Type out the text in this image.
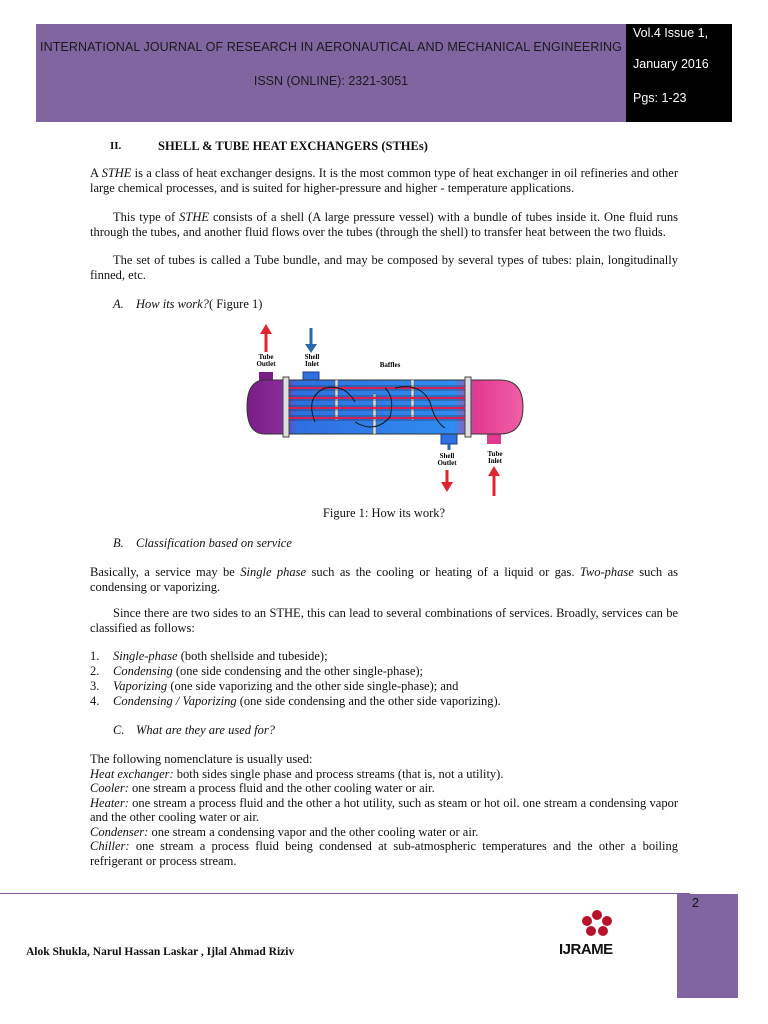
INTERNATIONAL JOURNAL OF RESEARCH IN AERONAUTICAL AND MECHANICAL ENGINEERING
ISSN (ONLINE): 2321-3051
Vol.4 Issue 1,
January 2016
Pgs: 1-23
II.	SHELL & TUBE HEAT EXCHANGERS (STHEs)
A STHE is a class of heat exchanger designs. It is the most common type of heat exchanger in oil refineries and other large chemical processes, and is suited for higher-pressure and higher - temperature applications.
This type of STHE consists of a shell (A large pressure vessel) with a bundle of tubes inside it. One fluid runs through the tubes, and another fluid flows over the tubes (through the shell) to transfer heat between the two fluids.
The set of tubes is called a Tube bundle, and may be composed by several types of tubes: plain, longitudinally finned, etc.
A. How its work?( Figure 1)
Tube Outlet
Shell Inlet	Baffles
Shell Outlet
Tube Inlet
Figure 1: How its work?
B. Classification based on service
Basically, a service may be Single phase such as the cooling or heating of a liquid or gas. Two-phase such as condensing or vaporizing.
Since there are two sides to an STHE, this can lead to several combinations of services. Broadly, services can be classified as follows:
1. Single-phase (both shellside and tubeside);
2. Condensing (one side condensing and the other single-phase);
3. Vaporizing (one side vaporizing and the other side single-phase); and
4. Condensing / Vaporizing (one side condensing and the other side vaporizing).
C. What are they are used for?
The following nomenclature is usually used:
Heat exchanger: both sides single phase and process streams (that is, not a utility).
Cooler: one stream a process fluid and the other cooling water or air.
Heater: one stream a process fluid and the other a hot utility, such as steam or hot oil. one stream a condensing vapor and the other cooling water or air.
Condenser: one stream a condensing vapor and the other cooling water or air.
Chiller: one stream a process fluid being condensed at sub-atmospheric temperatures and the other a boiling refrigerant or process stream.
2
Alok Shukla, Narul Hassan Laskar , Ijlal Ahmad Riziv	IJRAME
